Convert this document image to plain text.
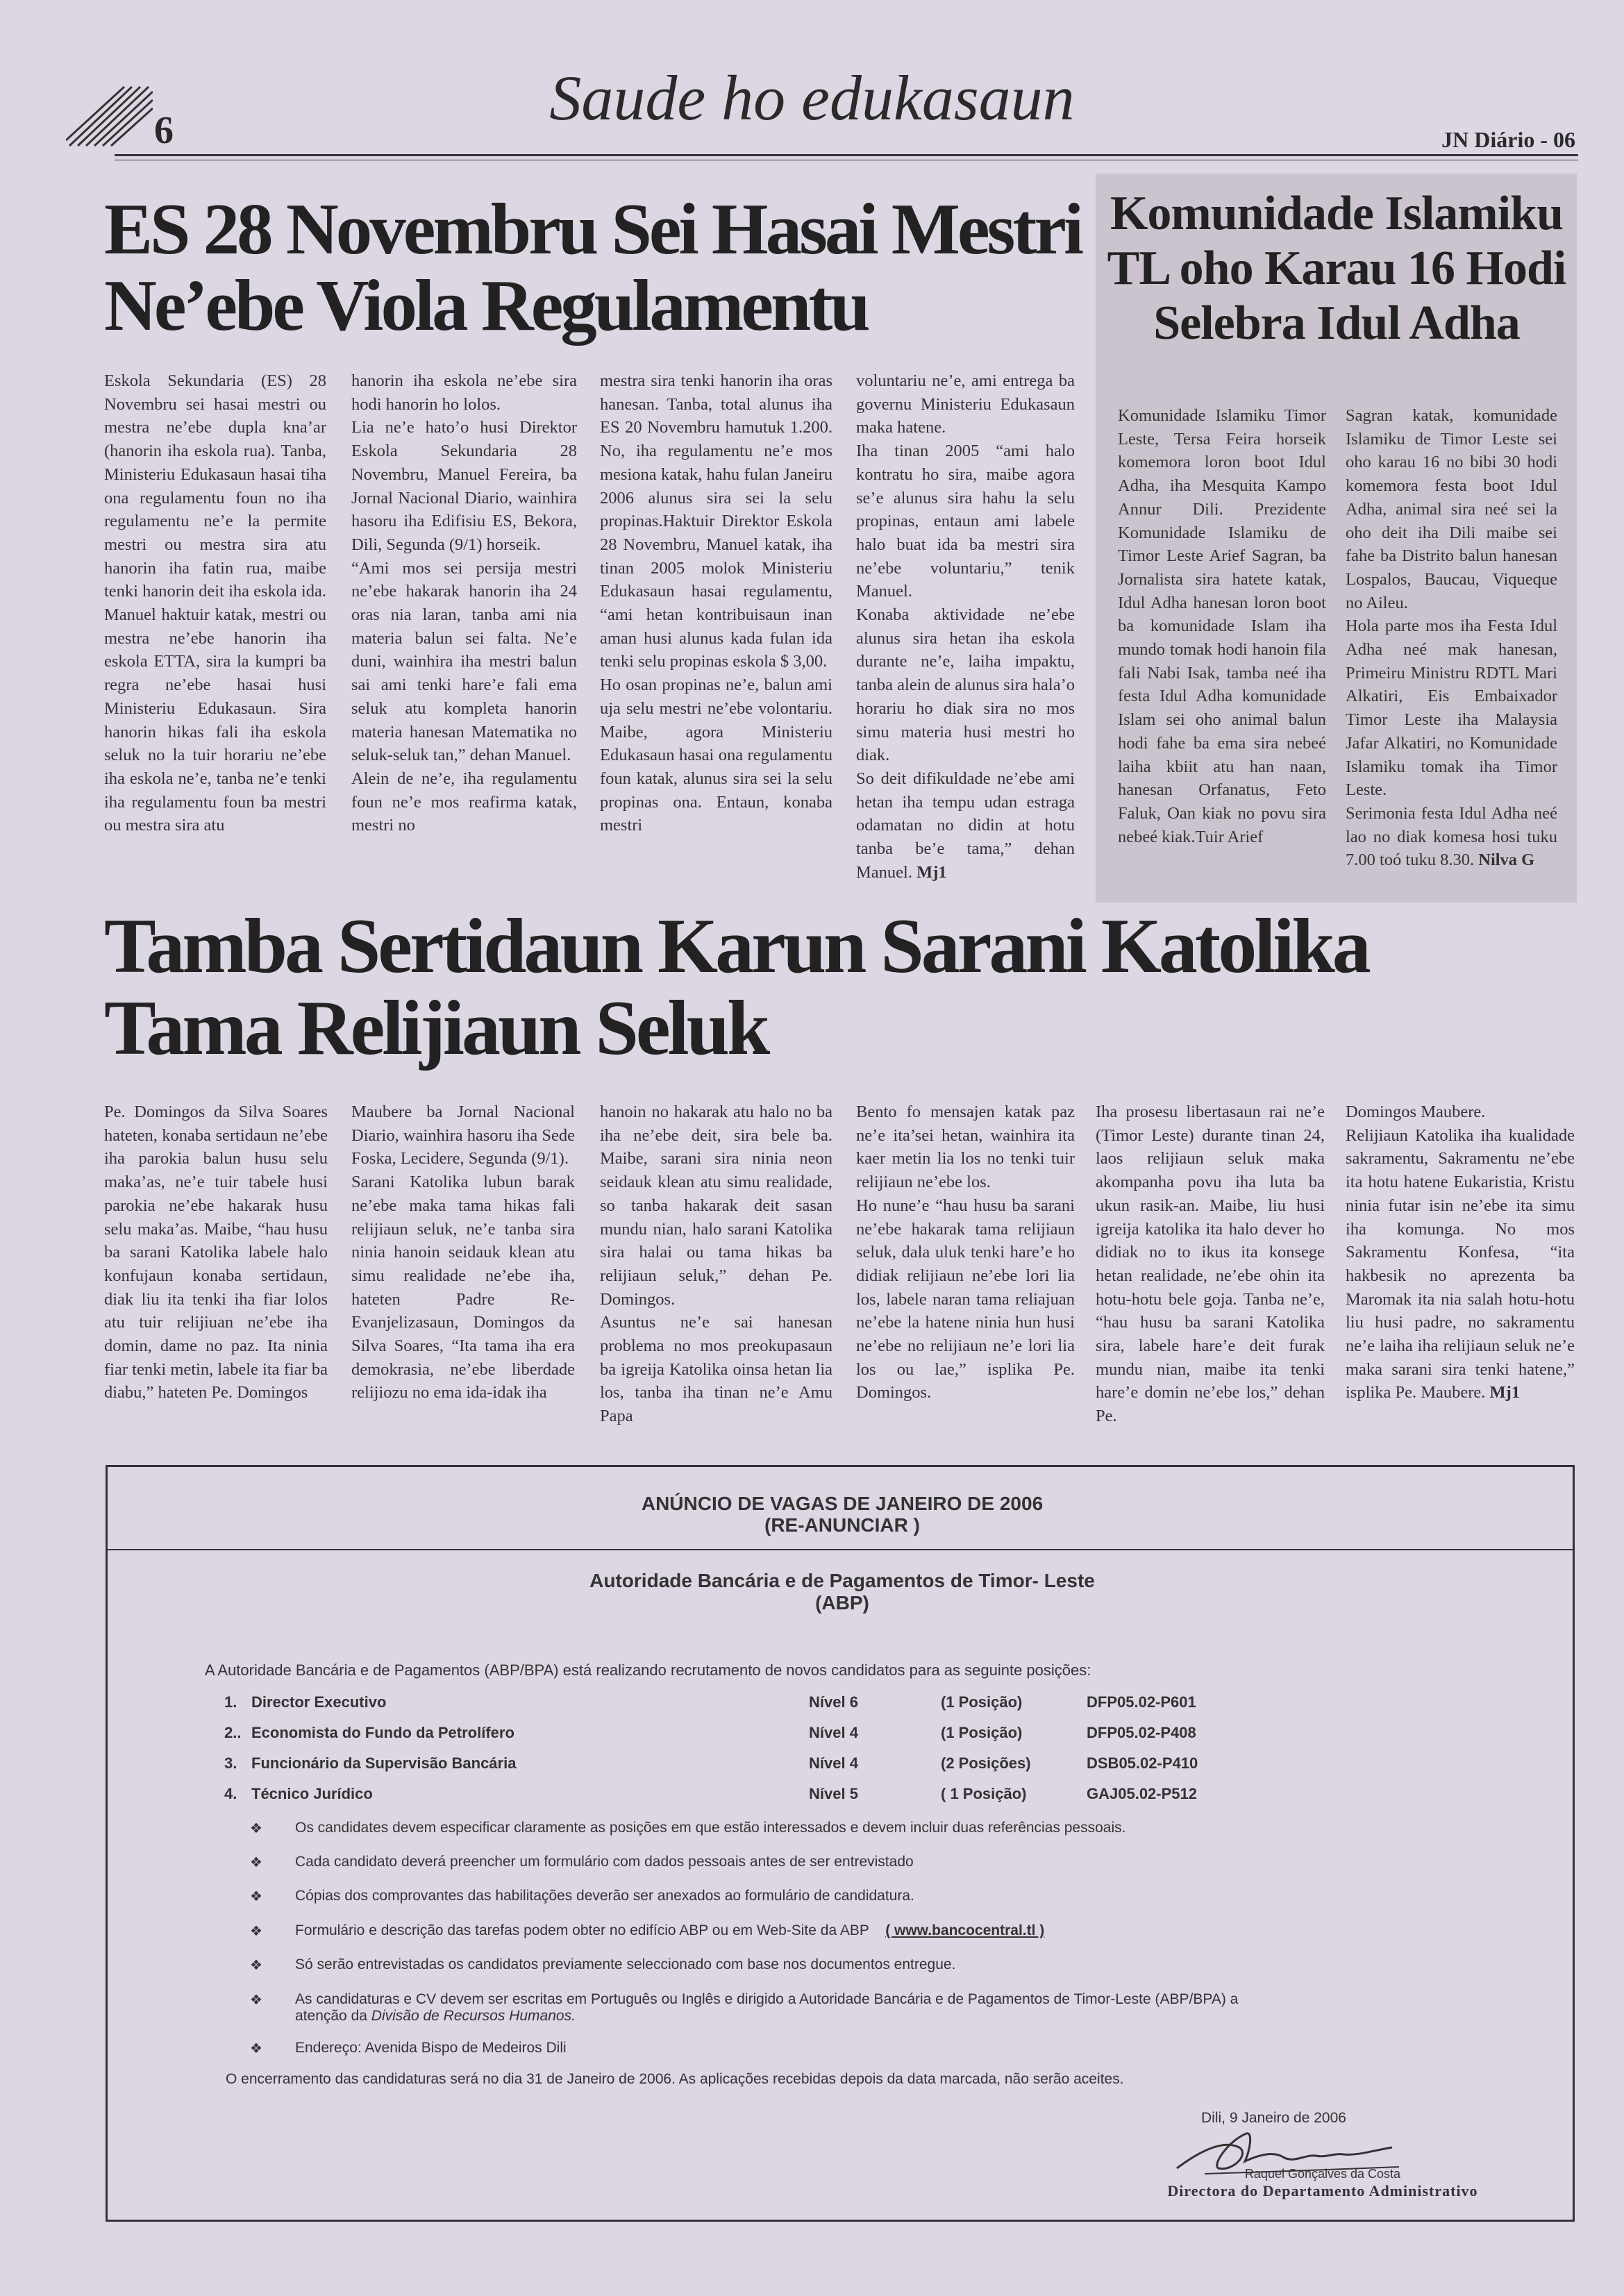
6	Saude ho edukasaun
JN Diário - 06
ES 28 Novembru Sei Hasai Mestri
Ne’ebe Viola Regulamentu

Eskola Sekundaria (ES) 28 Novembru sei hasai mestri ou mestra ne’ebe dupla kna’ar (hanorin iha eskola rua). Tanba, Ministeriu Edukasaun hasai tiha ona regulamentu foun no iha regulamentu ne’e la permite mestri ou mestra sira atu hanorin iha fatin rua, maibe tenki hanorin deit iha eskola ida. Manuel haktuir katak, mestri ou mestra ne’ebe hanorin iha eskola ETTA, sira la kumpri ba regra ne’ebe hasai husi Ministeriu Edukasaun. Sira hanorin hikas fali iha eskola seluk no la tuir horariu ne’ebe iha eskola ne’e, tanba ne’e tenki iha regulamentu foun ba mestri ou mestra sira atu

hanorin iha eskola ne’ebe sira hodi hanorin ho lolos.

Lia ne’e hato’o husi Direktor Eskola Sekundaria 28 Novembru, Manuel Fereira, ba Jornal Nacional Diario, wainhira hasoru iha Edifisiu ES, Bekora, Dili, Segunda (9/1) horseik.

“Ami mos sei persija mestri ne’ebe hakarak hanorin iha 24 oras nia laran, tanba ami nia materia balun sei falta. Ne’e duni, wainhira iha mestri balun sai ami tenki hare’e fali ema seluk atu kompleta hanorin materia hanesan Matematika no seluk-seluk tan,” dehan Manuel.

Alein de ne’e, iha regulamentu foun ne’e mos reafirma katak, mestri no

mestra sira tenki hanorin iha oras hanesan. Tanba, total alunus iha ES 20 Novembru hamutuk 1.200. No, iha regulamentu ne’e mos mesiona katak, hahu fulan Janeiru 2006 alunus sira sei la selu propinas.Haktuir Direktor Eskola 28 Novembru, Manuel katak, iha tinan 2005 molok Ministeriu Edukasaun hasai regulamentu, “ami hetan kontribuisaun inan aman husi alunus kada fulan ida tenki selu propinas eskola $ 3,00.

Ho osan propinas ne’e, balun ami uja selu mestri ne’ebe volontariu. Maibe, agora Ministeriu Edukasaun hasai ona regulamentu foun katak, alunus sira sei la selu propinas ona. Entaun, konaba mestri

voluntariu ne’e, ami entrega ba governu Ministeriu Edukasaun maka hatene.

Iha tinan 2005 “ami halo kontratu ho sira, maibe agora se’e alunus sira hahu la selu propinas, entaun ami labele halo buat ida ba mestri sira ne’ebe voluntariu,” tenik Manuel.

Konaba aktividade ne’ebe alunus sira hetan iha eskola durante ne’e, laiha impaktu, tanba alein de alunus sira hala’o horariu ho diak sira no mos simu materia husi mestri ho diak.

So deit difikuldade ne’ebe ami hetan iha tempu udan estraga odamatan no didin at hotu tanba be’e tama,” dehan Manuel. Mj1

Komunidade Islamiku TL oho Karau 16 Hodi Selebra Idul Adha

Komunidade Islamiku Timor Leste, Tersa Feira horseik komemora loron boot Idul Adha, iha Mesquita Kampo Annur Dili. Prezidente Komunidade Islamiku de Timor Leste Arief Sagran, ba Jornalista sira hatete katak, Idul Adha hanesan loron boot ba komunidade Islam iha mundo tomak hodi hanoin fila fali Nabi Isak, tamba neé iha festa Idul Adha komunidade Islam sei oho animal balun hodi fahe ba ema sira nebeé laiha kbiit atu han naan, hanesan Orfanatus, Feto Faluk, Oan kiak no povu sira nebeé kiak.Tuir Arief

Sagran katak, komunidade Islamiku de Timor Leste sei oho karau 16 no bibi 30 hodi komemora festa boot Idul Adha, animal sira neé sei la oho deit iha Dili maibe sei fahe ba Distrito balun hanesan Lospalos, Baucau, Viqueque no Aileu.

Hola parte mos iha Festa Idul Adha neé mak hanesan, Primeiru Ministru RDTL Mari Alkatiri, Eis Embaixador Timor Leste iha Malaysia Jafar Alkatiri, no Komunidade Islamiku tomak iha Timor Leste.

Serimonia festa Idul Adha neé lao no diak komesa hosi tuku 7.00 toó tuku 8.30. Nilva G

Tamba Sertidaun Karun Sarani Katolika
Tama Relijiaun Seluk

Pe. Domingos da Silva Soares hateten, konaba sertidaun ne’ebe iha parokia balun husu selu maka’as, ne’e tuir tabele husi parokia ne’ebe hakarak husu selu maka’as. Maibe, “hau husu ba sarani Katolika labele halo konfujaun konaba sertidaun, diak liu ita tenki iha fiar lolos atu tuir relijiuan ne’ebe iha domin, dame no paz. Ita ninia fiar tenki metin, labele ita fiar ba diabu,” hateten Pe. Domingos

Maubere ba Jornal Nacional Diario, wainhira hasoru iha Sede Foska, Lecidere, Segunda (9/1).

Sarani Katolika lubun barak ne’ebe maka tama hikas fali relijiaun seluk, ne’e tanba sira ninia hanoin seidauk klean atu simu realidade ne’ebe iha, hateten Padre Re-Evanjelizasaun, Domingos da Silva Soares, “Ita tama iha era demokrasia, ne’ebe liberdade relijiozu no ema ida-idak iha

hanoin no hakarak atu halo no ba iha ne’ebe deit, sira bele ba. Maibe, sarani sira ninia neon seidauk klean atu simu realidade, so tanba hakarak deit sasan mundu nian, halo sarani Katolika sira halai ou tama hikas ba relijiaun seluk,” dehan Pe. Domingos.

Asuntus ne’e sai hanesan problema no mos preokupasaun ba igreija Katolika oinsa hetan lia los, tanba iha tinan ne’e Amu Papa

Bento fo mensajen katak paz ne’e ita’sei hetan, wainhira ita kaer metin lia los no tenki tuir relijiaun ne’ebe los.

Ho nune’e “hau husu ba sarani ne’ebe hakarak tama relijiaun seluk, dala uluk tenki hare’e ho didiak relijiaun ne’ebe lori lia los, labele naran tama reliajuan ne’ebe la hatene ninia hun husi ne’ebe no relijiaun ne’e lori lia los ou lae,” isplika Pe. Domingos.

Iha prosesu libertasaun rai ne’e (Timor Leste) durante tinan 24, laos relijiaun seluk maka akompanha povu iha luta ba ukun rasik-an. Maibe, liu husi igreija katolika ita halo dever ho didiak no to ikus ita konsege hetan realidade, ne’ebe ohin ita hotu-hotu bele goja. Tanba ne’e, “hau husu ba sarani Katolika sira, labele hare’e deit furak mundu nian, maibe ita tenki hare’e domin ne’ebe los,” dehan Pe.

Domingos Maubere.

Relijiaun Katolika iha kualidade sakramentu, Sakramentu ne’ebe ita hotu hatene Eukaristia, Kristu ninia futar isin ne’ebe ita simu iha komunga. No mos Sakramentu Konfesa, “ita hakbesik no aprezenta ba Maromak ita nia salah hotu-hotu liu husi padre, no sakramentu ne’e laiha iha relijiaun seluk ne’e maka sarani sira tenki hatene,” isplika Pe. Maubere. Mj1

ANÚNCIO DE VAGAS DE JANEIRO DE 2006
(RE-ANUNCIAR )
Autoridade Bancária e de Pagamentos de Timor- Leste
(ABP)
A Autoridade Bancária e de Pagamentos (ABP/BPA) está realizando recrutamento de novos candidatos para as seguinte posições:
1. Director Executivo	Nível 6	(1 Posição)	DFP05.02-P601
2.. Economista do Fundo da Petrolífero	Nível 4	(1 Posição)	DFP05.02-P408
3. Funcionário da Supervisão Bancária	Nível 4	(2 Posições)	DSB05.02-P410
4. Técnico Jurídico	Nível 5	( 1 Posição)	GAJ05.02-P512
❖ Os candidates devem especificar claramente as posições em que estão interessados e devem incluir duas referências pessoais.
❖ Cada candidato deverá preencher um formulário com dados pessoais antes de ser entrevistado
❖ Cópias dos comprovantes das habilitações deverão ser anexados ao formulário de candidatura.
❖ Formulário e descrição das tarefas podem obter no edifício ABP ou em Web-Site da ABP ( www.bancocentral.tl )
❖ Só serão entrevistadas os candidatos previamente seleccionado com base nos documentos entregue.
❖ As candidaturas e CV devem ser escritas em Português ou Inglês e dirigido a Autoridade Bancária e de Pagamentos de Timor-Leste (ABP/BPA) a
atenção da Divisão de Recursos Humanos.
❖ Endereço: Avenida Bispo de Medeiros Dili
O encerramento das candidaturas será no dia 31 de Janeiro de 2006. As aplicações recebidas depois da data marcada, não serão aceites.
Dili, 9 Janeiro de 2006
Raquel Gonçalves da Costa
Directora do Departamento Administrativo
